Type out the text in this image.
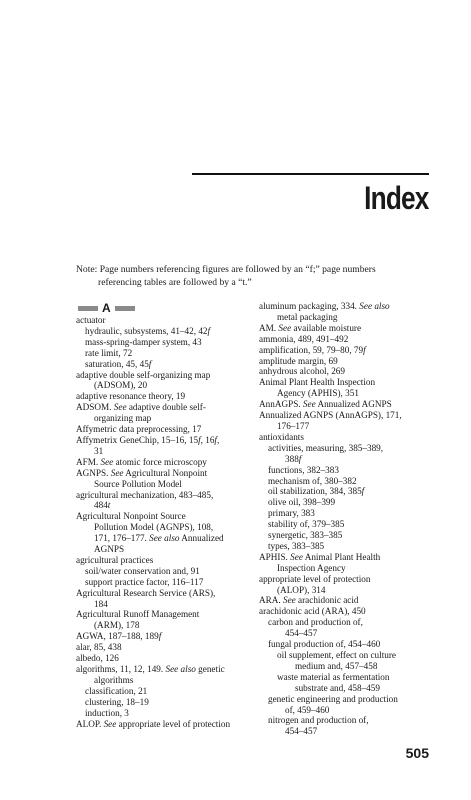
Index
Note: Page numbers referencing figures are followed by an “f;” page numbers
referencing tables are followed by a “t.”
A
actuator
hydraulic, subsystems, 41–42, 42f
mass-spring-damper system, 43
rate limit, 72
saturation, 45, 45f
adaptive double self-organizing map
(ADSOM), 20
adaptive resonance theory, 19
ADSOM. See adaptive double self-
organizing map
Affymetric data preprocessing, 17
Affymetrix GeneChip, 15–16, 15f, 16f,
31
AFM. See atomic force microscopy
AGNPS. See Agricultural Nonpoint
Source Pollution Model
agricultural mechanization, 483–485,
484t
Agricultural Nonpoint Source
Pollution Model (AGNPS), 108,
171, 176–177. See also Annualized
AGNPS
agricultural practices
soil/water conservation and, 91
support practice factor, 116–117
Agricultural Research Service (ARS),
184
Agricultural Runoff Management
(ARM), 178
AGWA, 187–188, 189f
alar, 85, 438
albedo, 126
algorithms, 11, 12, 149. See also genetic
algorithms
classification, 21
clustering, 18–19
induction, 3
ALOP. See appropriate level of protection
aluminum packaging, 334. See also
metal packaging
AM. See available moisture
ammonia, 489, 491–492
amplification, 59, 79–80, 79f
amplitude margin, 69
anhydrous alcohol, 269
Animal Plant Health Inspection
Agency (APHIS), 351
AnnAGPS. See Annualized AGNPS
Annualized AGNPS (AnnAGPS), 171,
176–177
antioxidants
activities, measuring, 385–389,
388f
functions, 382–383
mechanism of, 380–382
oil stabilization, 384, 385f
olive oil, 398–399
primary, 383
stability of, 379–385
synergetic, 383–385
types, 383–385
APHIS. See Animal Plant Health
Inspection Agency
appropriate level of protection
(ALOP), 314
ARA. See arachidonic acid
arachidonic acid (ARA), 450
carbon and production of,
454–457
fungal production of, 454–460
oil supplement, effect on culture
medium and, 457–458
waste material as fermentation
substrate and, 458–459
genetic engineering and production
of, 459–460
nitrogen and production of,
454–457
505
